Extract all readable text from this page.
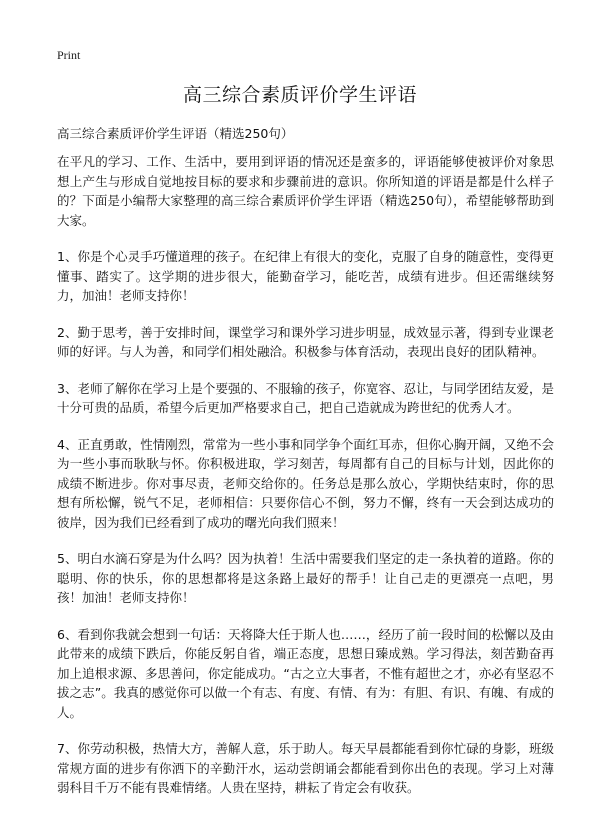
Print
高三综合素质评价学生评语
高三综合素质评价学生评语（精选250句）

在平凡的学习、工作、生活中，要用到评语的情况还是蛮多的，评语能够使被评价对象思想上产生与形成自觉地按目标的要求和步骤前进的意识。你所知道的评语是都是什么样子的？下面是小编帮大家整理的高三综合素质评价学生评语（精选250句），希望能够帮助到大家。

1、你是个心灵手巧懂道理的孩子。在纪律上有很大的变化，克服了自身的随意性，变得更懂事、踏实了。这学期的进步很大，能勤奋学习，能吃苦，成绩有进步。但还需继续努力，加油！老师支持你！

2、勤于思考，善于安排时间，课堂学习和课外学习进步明显，成效显示著，得到专业课老师的好评。与人为善，和同学们相处融洽。积极参与体育活动，表现出良好的团队精神。

3、老师了解你在学习上是个要强的、不服输的孩子，你宽容、忍让，与同学团结友爱，是十分可贵的品质，希望今后更加严格要求自己，把自己造就成为跨世纪的优秀人才。

4、正直勇敢，性情刚烈，常常为一些小事和同学争个面红耳赤，但你心胸开阔，又绝不会为一些小事而耿耿与怀。你积极进取，学习刻苦，每周都有自己的目标与计划，因此你的成绩不断进步。你对事尽责，老师交给你的。任务总是那么放心，学期快结束时，你的思想有所松懈，锐气不足，老师相信：只要你信心不倒，努力不懈，终有一天会到达成功的彼岸，因为我们已经看到了成功的曙光向我们照来！

5、明白水滴石穿是为什么吗？因为执着！生活中需要我们坚定的走一条执着的道路。你的聪明、你的快乐，你的思想都将是这条路上最好的帮手！让自己走的更漂亮一点吧，男孩！加油！老师支持你！

6、看到你我就会想到一句话：天将降大任于斯人也……，经历了前一段时间的松懈以及由此带来的成绩下跌后，你能反躬自省，端正态度，思想日臻成熟。学习得法，刻苦勤奋再加上追根求源、多思善问，你定能成功。“古之立大事者，不惟有超世之才，亦必有坚忍不拔之志”。我真的感觉你可以做一个有志、有度、有情、有为：有胆、有识、有魄、有成的人。

7、你劳动积极，热情大方，善解人意，乐于助人。每天早晨都能看到你忙碌的身影，班级常规方面的进步有你洒下的辛勤汗水，运动尝朗诵会都能看到你出色的表现。学习上对薄弱科目千万不能有畏难情绪。人贵在坚持，耕耘了肯定会有收获。
